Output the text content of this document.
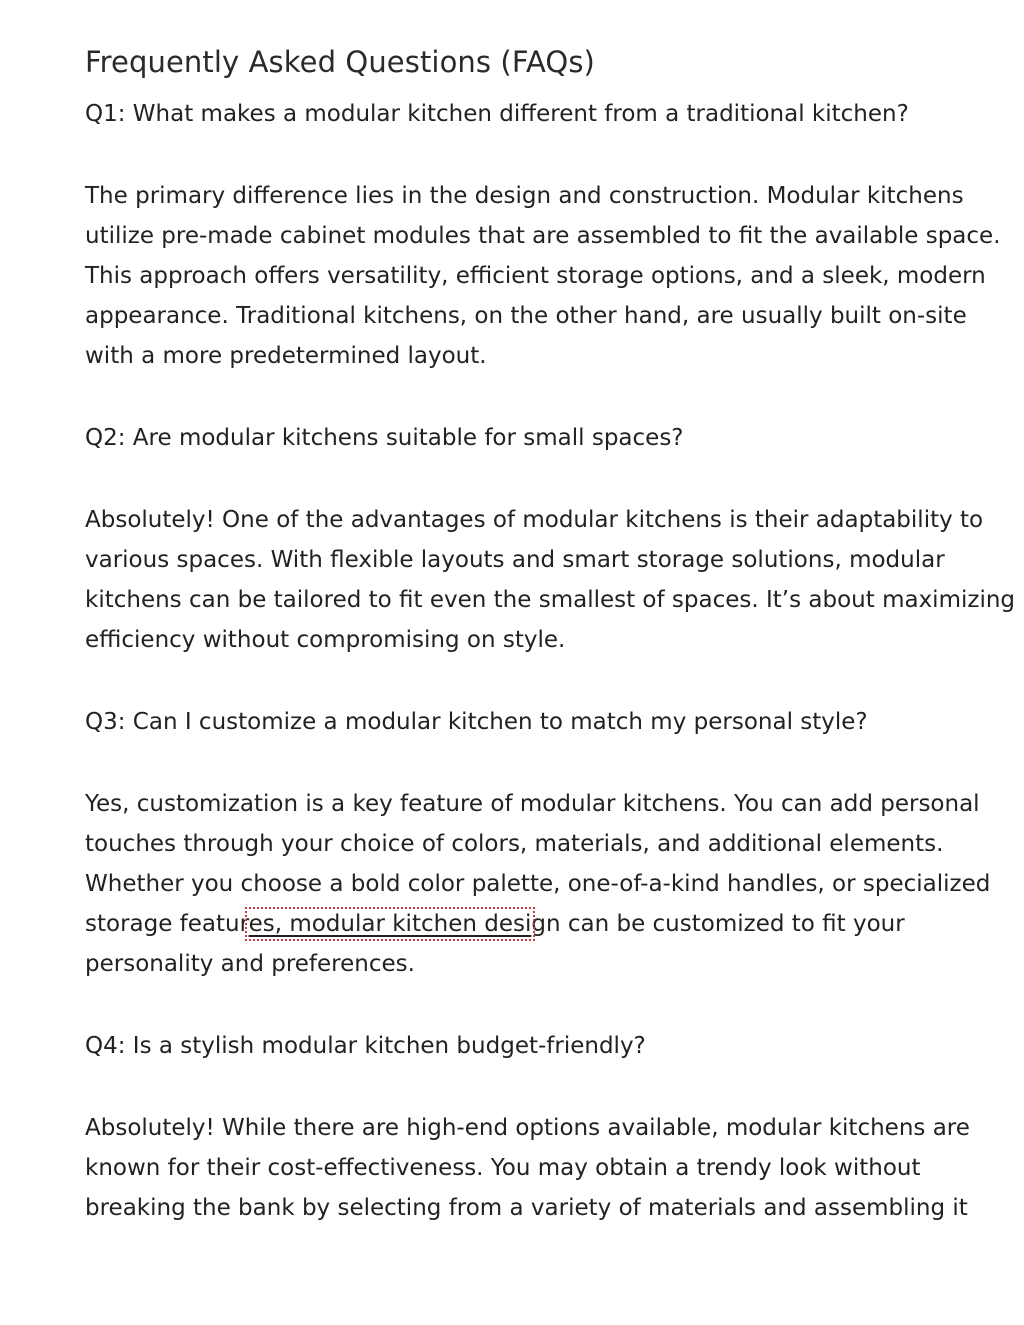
Frequently Asked Questions (FAQs)

Q1: What makes a modular kitchen different from a traditional kitchen?

The primary difference lies in the design and construction. Modular kitchens utilize pre-made cabinet modules that are assembled to fit the available space. This approach offers versatility, efficient storage options, and a sleek, modern appearance. Traditional kitchens, on the other hand, are usually built on-site with a more predetermined layout.

Q2: Are modular kitchens suitable for small spaces?

Absolutely! One of the advantages of modular kitchens is their adaptability to various spaces. With flexible layouts and smart storage solutions, modular kitchens can be tailored to fit even the smallest of spaces. It’s about maximizing efficiency without compromising on style.

Q3: Can I customize a modular kitchen to match my personal style?

Yes, customization is a key feature of modular kitchens. You can add personal touches through your choice of colors, materials, and additional elements. Whether you choose a bold color palette, one-of-a-kind handles, or specialized storage features, modular kitchen design can be customized to fit your personality and preferences.

Q4: Is a stylish modular kitchen budget-friendly?

Absolutely! While there are high-end options available, modular kitchens are known for their cost-effectiveness. You may obtain a trendy look without breaking the bank by selecting from a variety of materials and assembling it
